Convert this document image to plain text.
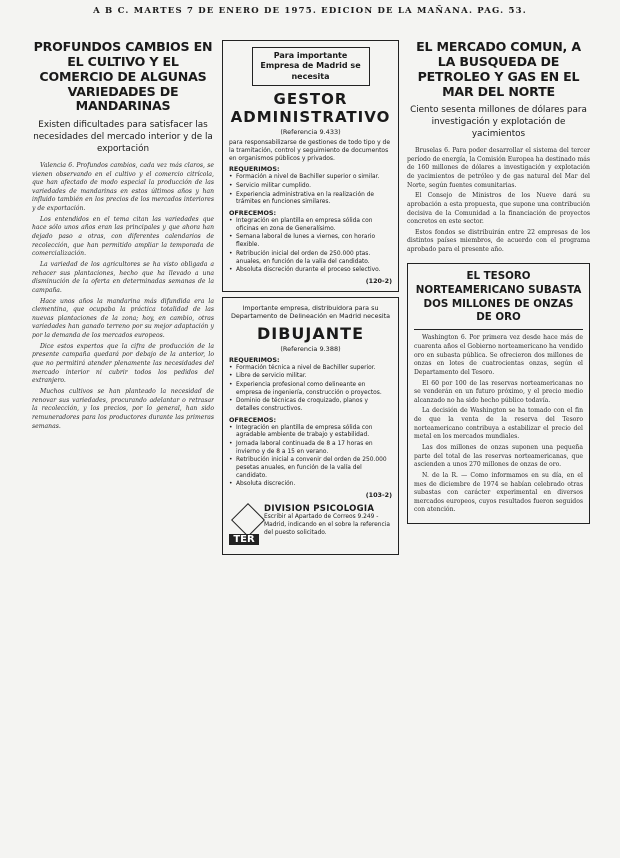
A B C. MARTES 7 DE ENERO DE 1975. EDICION DE LA MAÑANA. PAG. 53.
PROFUNDOS CAMBIOS EN EL CULTIVO Y EL COMERCIO DE ALGUNAS VARIEDADES DE MANDARINAS
Existen dificultades para satisfacer las necesidades del mercado interior y de la exportación

Valencia 6. Profundos cambios, cada vez más claros, se vienen observando en el cultivo y el comercio citrícola, que han afectado de modo especial la producción de las variedades de mandarinas en estos últimos años y han influido también en los precios de los mercados interiores y de exportación.

Los entendidos en el tema citan las variedades que hace sólo unos años eran las principales y que ahora han dejado paso a otras, con diferentes calendarios de recolección, que han permitido ampliar la temporada de comercialización.

La variedad de los agricultores se ha visto obligada a rehacer sus plantaciones, hecho que ha llevado a una disminución de la oferta en determinadas semanas de la campaña.

Hace unos años la mandarina más difundida era la clementina, que ocupaba la práctica totalidad de las nuevas plantaciones de la zona; hoy, en cambio, otras variedades han ganado terreno por su mejor adaptación y por la demanda de los mercados europeos.

Dice estos expertos que la cifra de producción de la presente campaña quedará por debajo de la anterior, lo que no permitirá atender plenamente las necesidades del mercado interior ni cubrir todos los pedidos del extranjero.

Muchos cultivos se han planteado la necesidad de renovar sus variedades, procurando adelantar o retrasar la recolección, y los precios, por lo general, han sido remuneradores para los productores durante las primeras semanas.

Para importante Empresa de Madrid se necesita
GESTOR ADMINISTRATIVO
(Referencia 9.433)
para responsabilizarse de gestiones de todo tipo y de la tramitación, control y seguimiento de documentos en organismos públicos y privados.
REQUERIMOS:
• Formación a nivel de Bachiller superior o similar.
• Servicio militar cumplido.
• Experiencia administrativa en la realización de trámites en funciones similares.
OFRECEMOS:
• Integración en plantilla en empresa sólida con oficinas en zona de Generalísimo.
• Semana laboral de lunes a viernes, con horario flexible.
• Retribución inicial del orden de 250.000 ptas. anuales, en función de la valía del candidato.
• Absoluta discreción durante el proceso selectivo.
(120-2)
Importante empresa, distribuidora para su Departamento de Delineación en Madrid necesita
DIBUJANTE
(Referencia 9.388)
REQUERIMOS:
• Formación técnica a nivel de Bachiller superior.
• Libre de servicio militar.
• Experiencia profesional como delineante en empresa de ingeniería, construcción o proyectos.
• Dominio de técnicas de croquizado, planos y detalles constructivos.
OFRECEMOS:
• Integración en plantilla de empresa sólida con agradable ambiente de trabajo y estabilidad.
• Jornada laboral continuada de 8 a 17 horas en invierno y de 8 a 15 en verano.
• Retribución inicial a convenir del orden de 250.000 pesetas anuales, en función de la valía del candidato.
• Absoluta discreción.
(103-2)
TER
DIVISION PSICOLOGIA
Escribir al Apartado de Correos 9.249 - Madrid, indicando en el sobre la referencia del puesto solicitado.
EL MERCADO COMUN, A LA BUSQUEDA DE PETROLEO Y GAS EN EL MAR DEL NORTE
Ciento sesenta millones de dólares para investigación y explotación de yacimientos

Bruselas 6. Para poder desarrollar el sistema del tercer período de energía, la Comisión Europea ha destinado más de 160 millones de dólares a investigación y explotación de yacimientos de petróleo y de gas natural del Mar del Norte, según fuentes comunitarias.

El Consejo de Ministros de los Nueve dará su aprobación a esta propuesta, que supone una contribución decisiva de la Comunidad a la financiación de proyectos concretos en este sector.

Estos fondos se distribuirán entre 22 empresas de los distintos países miembros, de acuerdo con el programa aprobado para el presente año.

EL TESORO NORTEAMERICANO SUBASTA DOS MILLONES DE ONZAS DE ORO

Washington 6. Por primera vez desde hace más de cuarenta años el Gobierno norteamericano ha vendido oro en subasta pública. Se ofrecieron dos millones de onzas en lotes de cuatrocientas onzas, según el Departamento del Tesoro.

El 60 por 100 de las reservas norteamericanas no se venderán en un futuro próximo, y el precio medio alcanzado no ha sido hecho público todavía.

La decisión de Washington se ha tomado con el fin de que la venta de la reserva del Tesoro norteamericano contribuya a estabilizar el precio del metal en los mercados mundiales.

Las dos millones de onzas suponen una pequeña parte del total de las reservas norteamericanas, que ascienden a unos 270 millones de onzas de oro.

N. de la R. — Como informamos en su día, en el mes de diciembre de 1974 se habían celebrado otras subastas con carácter experimental en diversos mercados europeos, cuyos resultados fueron seguidos con atención.
